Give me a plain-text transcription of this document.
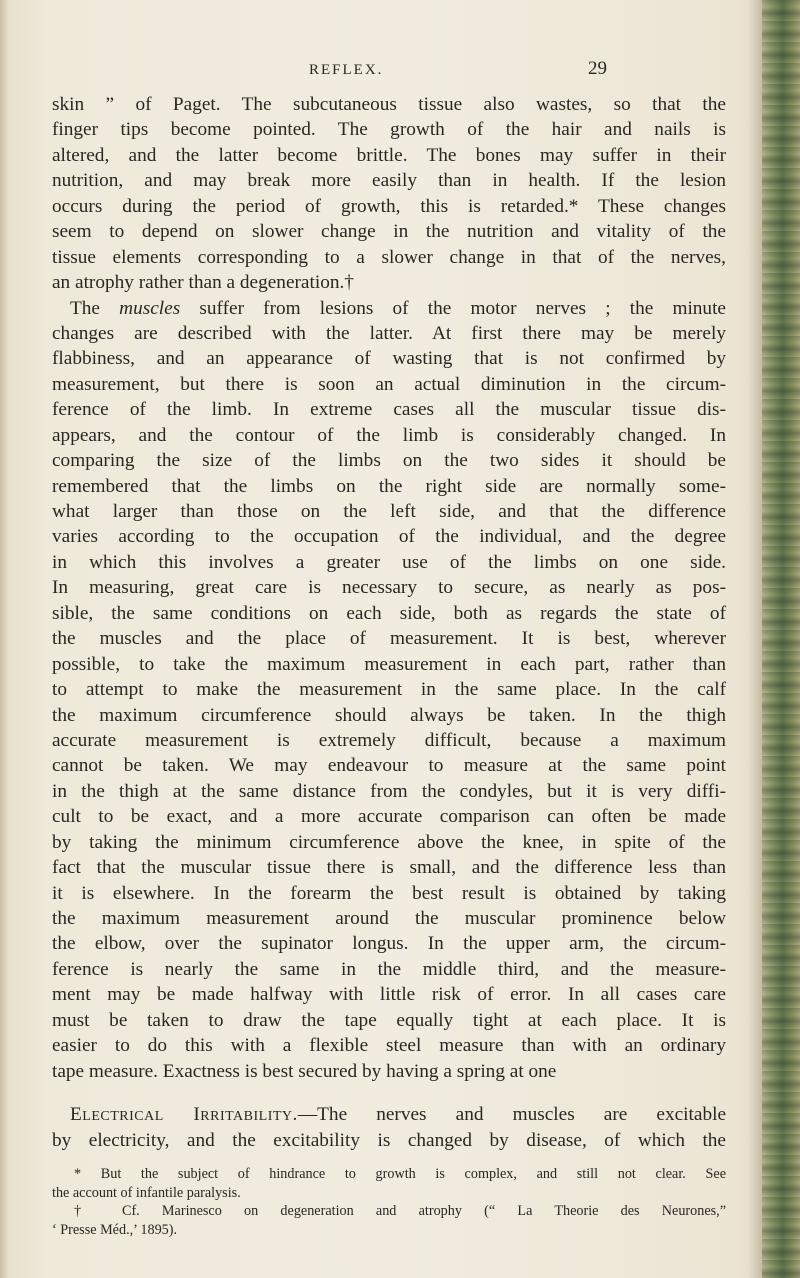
REFLEX.	29
skin ” of Paget. The subcutaneous tissue also wastes, so that the
finger tips become pointed. The growth of the hair and nails is
altered, and the latter become brittle. The bones may suffer in their
nutrition, and may break more easily than in health. If the lesion
occurs during the period of growth, this is retarded.* These changes
seem to depend on slower change in the nutrition and vitality of the
tissue elements corresponding to a slower change in that of the nerves,
an atrophy rather than a degeneration.†
The muscles suffer from lesions of the motor nerves ; the minute
changes are described with the latter. At first there may be merely
flabbiness, and an appearance of wasting that is not confirmed by
measurement, but there is soon an actual diminution in the circum-
ference of the limb. In extreme cases all the muscular tissue dis-
appears, and the contour of the limb is considerably changed. In
comparing the size of the limbs on the two sides it should be
remembered that the limbs on the right side are normally some-
what larger than those on the left side, and that the difference
varies according to the occupation of the individual, and the degree
in which this involves a greater use of the limbs on one side.
In measuring, great care is necessary to secure, as nearly as pos-
sible, the same conditions on each side, both as regards the state of
the muscles and the place of measurement. It is best, wherever
possible, to take the maximum measurement in each part, rather than
to attempt to make the measurement in the same place. In the calf
the maximum circumference should always be taken. In the thigh
accurate measurement is extremely difficult, because a maximum
cannot be taken. We may endeavour to measure at the same point
in the thigh at the same distance from the condyles, but it is very diffi-
cult to be exact, and a more accurate comparison can often be made
by taking the minimum circumference above the knee, in spite of the
fact that the muscular tissue there is small, and the difference less than
it is elsewhere. In the forearm the best result is obtained by taking
the maximum measurement around the muscular prominence below
the elbow, over the supinator longus. In the upper arm, the circum-
ference is nearly the same in the middle third, and the measure-
ment may be made halfway with little risk of error. In all cases care
must be taken to draw the tape equally tight at each place. It is
easier to do this with a flexible steel measure than with an ordinary
tape measure. Exactness is best secured by having a spring at one
Electrical Irritability.—The nerves and muscles are excitable
by electricity, and the excitability is changed by disease, of which the
* But the subject of hindrance to growth is complex, and still not clear. See
the account of infantile paralysis.
† Cf. Marinesco on degeneration and atrophy (“ La Theorie des Neurones,”
‘ Presse Méd.,’ 1895).
